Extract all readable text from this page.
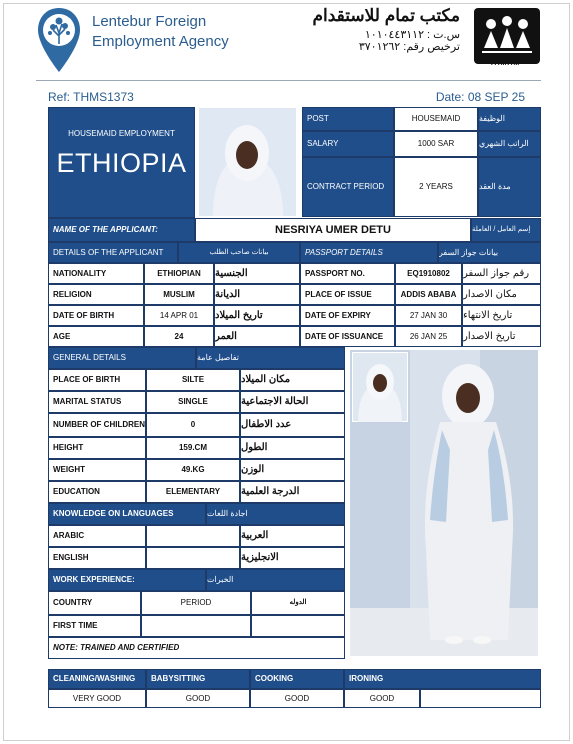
Lentebur Foreign
Employment Agency
مكتب تمام للاستقدام
س.ت : ١٠١٠٤٤٣١١٢
ترخيص رقم: ٣٧٠١٢٦٢
TAMAM
Ref: THMS1373	Date: 08 SEP 25
HOUSEMAID EMPLOYMENT
ETHIOPIA
POST	HOUSEMAID	الوظيفة
SALARY	1000 SAR	الراتب الشهري
CONTRACT PERIOD	2 YEARS	مدة العقد
NAME OF THE APPLICANT:	NESRIYA UMER DETU	إسم العامل / العاملة
DETAILS OF THE APPLICANT	بيانات صاحب الطلب	PASSPORT DETAILS	بيانات جواز السفر
NATIONALITY	ETHIOPIAN	الجنسية
RELIGION	MUSLIM	الديانة
DATE OF BIRTH	14 APR 01	تاريخ الميلاد
AGE	24	العمر
PASSPORT NO.	EQ1910802	رقم جواز السفر
PLACE OF ISSUE	ADDIS ABABA مكان الاصدار
DATE OF EXPIRY	27 JAN 30	تاريخ الانتهاء
DATE OF ISSUANCE	26 JAN 25	تاريخ الاصدار
GENERAL DETAILS	تفاصيل عامة
PLACE OF BIRTH	SILTE	مكان الميلاد
MARITAL STATUS	SINGLE	الحالة الاجتماعية
NUMBER OF CHILDREN	0	عدد الاطفال
HEIGHT	159.CM	الطول
WEIGHT	49.KG	الوزن
EDUCATION	ELEMENTARY	الدرجة العلمية
KNOWLEDGE ON LANGUAGES	اجادة اللغات
ARABIC	العربية
ENGLISH	الانجليزية
WORK EXPERIENCE:	الخبرات
COUNTRY	PERIOD	الدوله
FIRST TIME
NOTE: TRAINED AND CERTIFIED
CLEANING/WASHING	BABYSITTING	COOKING	IRONING
VERY GOOD	GOOD	GOOD	GOOD
